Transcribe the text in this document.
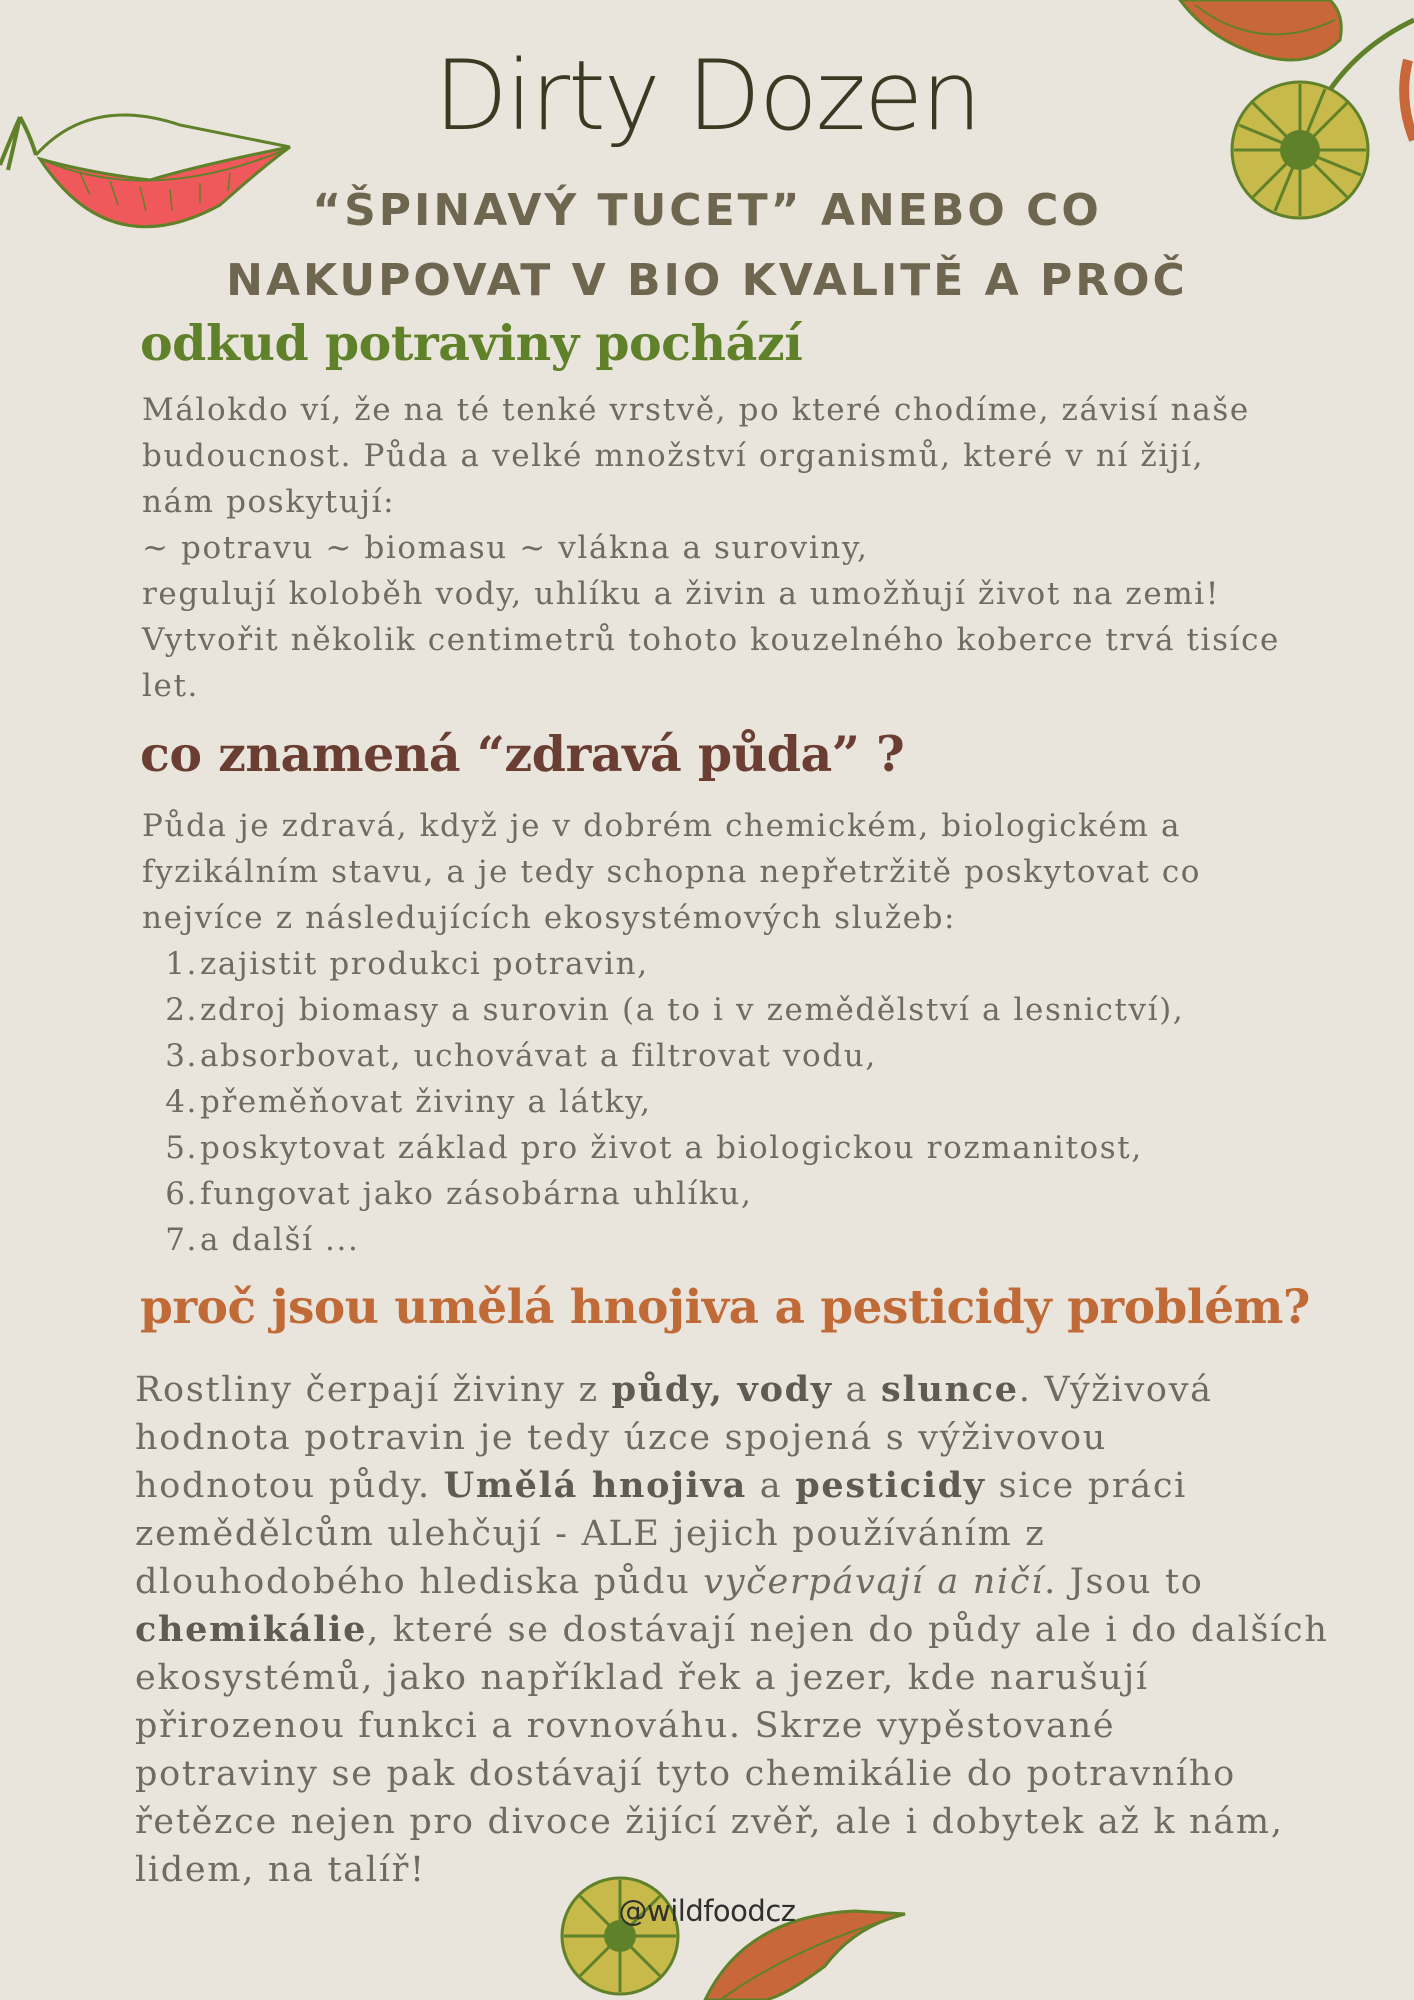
Dirty Dozen
“ŠPINAVÝ TUCET” ANEBO CO
NAKUPOVAT V BIO KVALITĚ A PROČ
odkud potraviny pochází
Málokdo ví, že na té tenké vrstvě, po které chodíme, závisí naše
budoucnost. Půda a velké množství organismů, které v ní žijí,
nám poskytují:
~ potravu ~ biomasu ~ vlákna a suroviny,
regulují koloběh vody, uhlíku a živin a umožňují život na zemi!
Vytvořit několik centimetrů tohoto kouzelného koberce trvá tisíce
let.
co znamená “zdravá půda” ?
Půda je zdravá, když je v dobrém chemickém, biologickém a
fyzikálním stavu, a je tedy schopna nepřetržitě poskytovat co
nejvíce z následujících ekosystémových služeb:
1. zajistit produkci potravin,
2. zdroj biomasy a surovin (a to i v zemědělství a lesnictví),
3. absorbovat, uchovávat a filtrovat vodu,
4. přeměňovat živiny a látky,
5. poskytovat základ pro život a biologickou rozmanitost,
6. fungovat jako zásobárna uhlíku,
7. a další ...
proč jsou umělá hnojiva a pesticidy problém?
Rostliny čerpají živiny z půdy, vody a slunce. Výživová
hodnota potravin je tedy úzce spojená s výživovou
hodnotou půdy. Umělá hnojiva a pesticidy sice práci
zemědělcům ulehčují - ALE jejich používáním z
dlouhodobého hlediska půdu vyčerpávají a ničí. Jsou to
chemikálie, které se dostávají nejen do půdy ale i do dalších
ekosystémů, jako například řek a jezer, kde narušují
přirozenou funkci a rovnováhu. Skrze vypěstované
potraviny se pak dostávají tyto chemikálie do potravního
řetězce nejen pro divoce žijící zvěř, ale i dobytek až k nám,
lidem, na talíř!
@wildfoodcz
